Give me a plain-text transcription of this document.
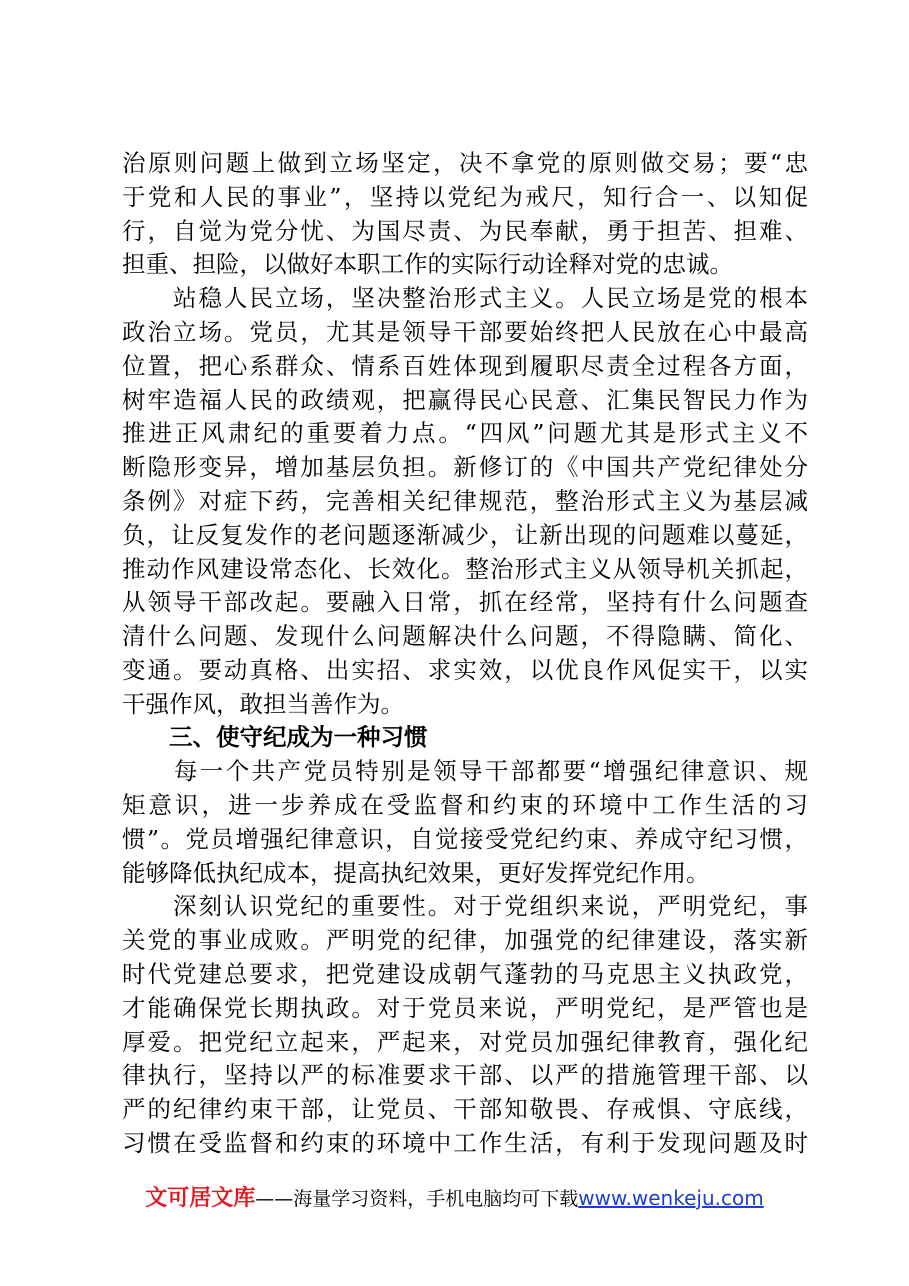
治原则问题上做到立场坚定，决不拿党的原则做交易；要“忠
于党和人民的事业”，坚持以党纪为戒尺，知行合一、以知促
行，自觉为党分忧、为国尽责、为民奉献，勇于担苦、担难、
担重、担险，以做好本职工作的实际行动诠释对党的忠诚。
　　站稳人民立场，坚决整治形式主义。人民立场是党的根本
政治立场。党员，尤其是领导干部要始终把人民放在心中最高
位置，把心系群众、情系百姓体现到履职尽责全过程各方面，
树牢造福人民的政绩观，把赢得民心民意、汇集民智民力作为
推进正风肃纪的重要着力点。“四风”问题尤其是形式主义不
断隐形变异，增加基层负担。新修订的《中国共产党纪律处分
条例》对症下药，完善相关纪律规范，整治形式主义为基层减
负，让反复发作的老问题逐渐减少，让新出现的问题难以蔓延，
推动作风建设常态化、长效化。整治形式主义从领导机关抓起，
从领导干部改起。要融入日常，抓在经常，坚持有什么问题查
清什么问题、发现什么问题解决什么问题，不得隐瞒、简化、
变通。要动真格、出实招、求实效，以优良作风促实干，以实
干强作风，敢担当善作为。
　　三、使守纪成为一种习惯
　　每一个共产党员特别是领导干部都要“增强纪律意识、规
矩意识，进一步养成在受监督和约束的环境中工作生活的习
惯”。党员增强纪律意识，自觉接受党纪约束、养成守纪习惯，
能够降低执纪成本，提高执纪效果，更好发挥党纪作用。
　　深刻认识党纪的重要性。对于党组织来说，严明党纪，事
关党的事业成败。严明党的纪律，加强党的纪律建设，落实新
时代党建总要求，把党建设成朝气蓬勃的马克思主义执政党，
才能确保党长期执政。对于党员来说，严明党纪，是严管也是
厚爱。把党纪立起来，严起来，对党员加强纪律教育，强化纪
律执行，坚持以严的标准要求干部、以严的措施管理干部、以
严的纪律约束干部，让党员、干部知敬畏、存戒惧、守底线，
习惯在受监督和约束的环境中工作生活，有利于发现问题及时
文可居文库——海量学习资料，手机电脑均可下载www.wenkeju.com
